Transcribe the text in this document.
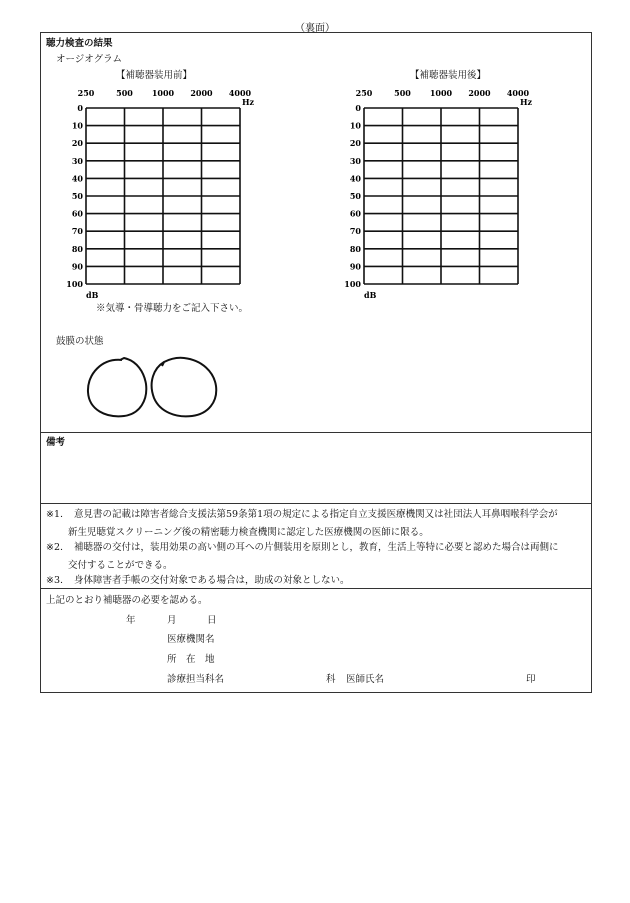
（裏面）
聴力検査の結果
オージオグラム
【補聴器装用前】	【補聴器装用後】
250	500 1000 2000 4000
0
10
20
30
40
50
60
70
80
90
100
Hz
dB
250	500 1000 2000 4000
0
10
20
30
40
50
60
70
80
90
100
Hz
dB
※気導・骨導聴力をご記入下さい。
鼓膜の状態
備考
※1. 意見書の記載は障害者総合支援法第59条第1項の規定による指定自立支援医療機関又は社団法人耳鼻咽喉科学会が
新生児聴覚スクリーニング後の精密聴力検査機関に認定した医療機関の医師に限る。
※2. 補聴器の交付は，装用効果の高い側の耳への片側装用を原則とし，教育，生活上等特に必要と認めた場合は両側に
交付することができる。
※3. 身体障害者手帳の交付対象である場合は，助成の対象としない。
上記のとおり補聴器の必要を認める。
年	月	日
医療機関名
所　在　地
診療担当科名	科 医師氏名	印
